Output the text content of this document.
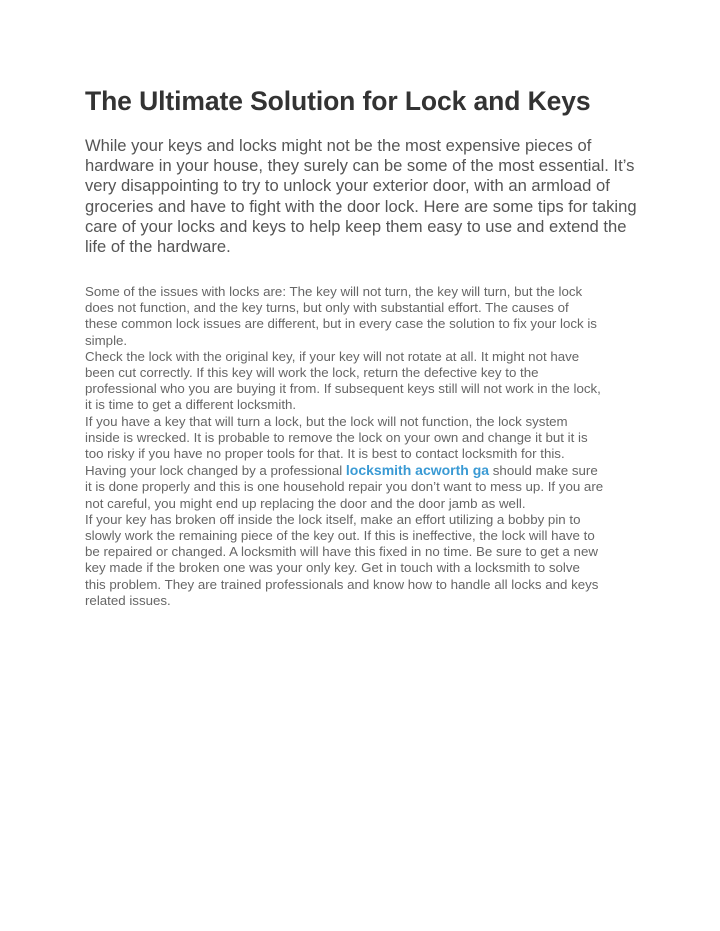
The Ultimate Solution for Lock and Keys
While your keys and locks might not be the most expensive pieces of
hardware in your house, they surely can be some of the most essential. It’s
very disappointing to try to unlock your exterior door, with an armload of
groceries and have to fight with the door lock. Here are some tips for taking
care of your locks and keys to help keep them easy to use and extend the
life of the hardware.
Some of the issues with locks are: The key will not turn, the key will turn, but the lock
does not function, and the key turns, but only with substantial effort. The causes of
these common lock issues are different, but in every case the solution to fix your lock is
simple.
Check the lock with the original key, if your key will not rotate at all. It might not have
been cut correctly. If this key will work the lock, return the defective key to the
professional who you are buying it from. If subsequent keys still will not work in the lock,
it is time to get a different locksmith.
If you have a key that will turn a lock, but the lock will not function, the lock system
inside is wrecked. It is probable to remove the lock on your own and change it but it is
too risky if you have no proper tools for that. It is best to contact locksmith for this.
Having your lock changed by a professional locksmith acworth ga should make sure
it is done properly and this is one household repair you don’t want to mess up. If you are
not careful, you might end up replacing the door and the door jamb as well.
If your key has broken off inside the lock itself, make an effort utilizing a bobby pin to
slowly work the remaining piece of the key out. If this is ineffective, the lock will have to
be repaired or changed. A locksmith will have this fixed in no time. Be sure to get a new
key made if the broken one was your only key. Get in touch with a locksmith to solve
this problem. They are trained professionals and know how to handle all locks and keys
related issues.
